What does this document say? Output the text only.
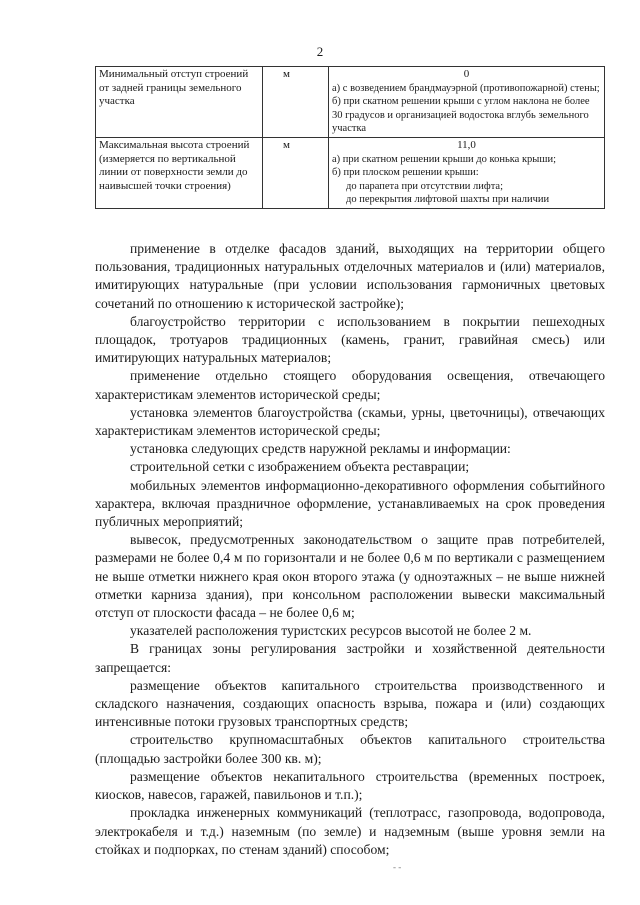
2
Минимальный отступ строений от задней границы земельного участка	м	0
а) с возведением брандмауэрной (противопожарной) стены;
б) при скатном решении крыши с углом наклона не более 30 градусов и организацией водостока вглубь земельного участка

Максимальная высота строений (измеряется по вертикальной линии от поверхности земли до наивысшей точки строения)	м	11,0
а) при скатном решении крыши до конька крыши;
б) при плоском решении крыши:
до парапета при отсутствии лифта;
до перекрытия лифтовой шахты при наличии

применение в отделке фасадов зданий, выходящих на территории общего пользования, традиционных натуральных отделочных материалов и (или) материалов, имитирующих натуральные (при условии использования гармоничных цветовых сочетаний по отношению к исторической застройке);

благоустройство территории с использованием в покрытии пешеходных площадок, тротуаров традиционных (камень, гранит, гравийная смесь) или имитирующих натуральных материалов;

применение отдельно стоящего оборудования освещения, отвечающего характеристикам элементов исторической среды;

установка элементов благоустройства (скамьи, урны, цветочницы), отвечающих характеристикам элементов исторической среды;

установка следующих средств наружной рекламы и информации:

строительной сетки с изображением объекта реставрации;

мобильных элементов информационно-декоративного оформления событийного характера, включая праздничное оформление, устанавливаемых на срок проведения публичных мероприятий;

вывесок, предусмотренных законодательством о защите прав потребителей, размерами не более 0,4 м по горизонтали и не более 0,6 м по вертикали с размещением не выше отметки нижнего края окон второго этажа (у одноэтажных – не выше нижней отметки карниза здания), при консольном расположении вывески максимальный отступ от плоскости фасада – не более 0,6 м;

указателей расположения туристских ресурсов высотой не более 2 м.

В границах зоны регулирования застройки и хозяйственной деятельности запрещается:

размещение объектов капитального строительства производственного и складского назначения, создающих опасность взрыва, пожара и (или) создающих интенсивные потоки грузовых транспортных средств;

строительство крупномасштабных объектов капитального строительства (площадью застройки более 300 кв. м);

размещение объектов некапитального строительства (временных построек, киосков, навесов, гаражей, павильонов и т.п.);

прокладка инженерных коммуникаций (теплотрасс, газопровода, водопровода, электрокабеля и т.д.) наземным (по земле) и надземным (выше уровня земли на стойках и подпорках, по стенам зданий) способом;

- -
